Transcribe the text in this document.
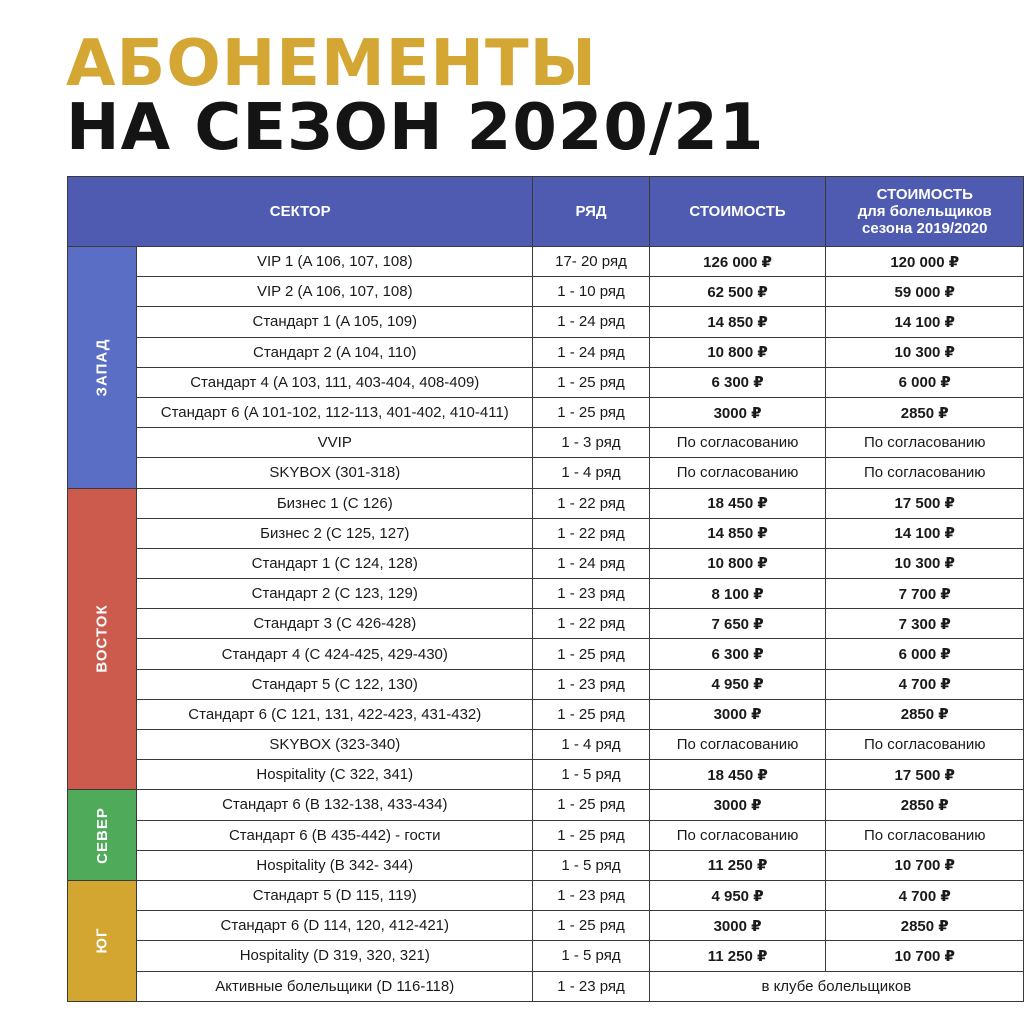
АБОНЕМЕНТЫ
НА СЕЗОН 2020/21
СЕКТОР		РЯД	СТОИМОСТЬ	СТОИМОСТЬ
для болельщиков
сезона 2019/2020

ЗАПАД	VIP 1 (A 106, 107, 108)	17- 20 ряд	126 000 ₽	120 000 ₽
	VIP 2 (A 106, 107, 108)	1 - 10 ряд	62 500 ₽	59 000 ₽
	Стандарт 1 (A 105, 109)	1 - 24 ряд	14 850 ₽	14 100 ₽
	Стандарт 2 (A 104, 110)	1 - 24 ряд	10 800 ₽	10 300 ₽
	Стандарт 4 (A 103, 111, 403-404, 408-409)	1 - 25 ряд	6 300 ₽	6 000 ₽
	Стандарт 6 (A 101-102, 112-113, 401-402, 410-411)	1 - 25 ряд	3000 ₽	2850 ₽
	VVIP	1 - 3 ряд	По согласованию	По согласованию
	SKYBOX (301-318)	1 - 4 ряд	По согласованию	По согласованию
ВОСТОК	Бизнес 1 (C 126)	1 - 22 ряд	18 450 ₽	17 500 ₽
	Бизнес 2 (C 125, 127)	1 - 22 ряд	14 850 ₽	14 100 ₽
	Стандарт 1 (C 124, 128)	1 - 24 ряд	10 800 ₽	10 300 ₽
	Стандарт 2 (C 123, 129)	1 - 23 ряд	8 100 ₽	7 700 ₽
	Стандарт 3 (C 426-428)	1 - 22 ряд	7 650 ₽	7 300 ₽
	Стандарт 4 (C 424-425, 429-430)	1 - 25 ряд	6 300 ₽	6 000 ₽
	Стандарт 5 (C 122, 130)	1 - 23 ряд	4 950 ₽	4 700 ₽
	Стандарт 6 (C 121, 131, 422-423, 431-432)	1 - 25 ряд	3000 ₽	2850 ₽
	SKYBOX (323-340)	1 - 4 ряд	По согласованию	По согласованию
	Hospitality (C 322, 341)	1 - 5 ряд	18 450 ₽	17 500 ₽
СЕВЕР	Стандарт 6 (B 132-138, 433-434)	1 - 25 ряд	3000 ₽	2850 ₽
	Стандарт 6 (B 435-442) - гости	1 - 25 ряд	По согласованию	По согласованию
	Hospitality (B 342- 344)	1 - 5 ряд	11 250 ₽	10 700 ₽
ЮГ	Стандарт 5 (D 115, 119)	1 - 23 ряд	4 950 ₽	4 700 ₽
	Стандарт 6 (D 114, 120, 412-421)	1 - 25 ряд	3000 ₽	2850 ₽
	Hospitality (D 319, 320, 321)	1 - 5 ряд	11 250 ₽	10 700 ₽
	Активные болельщики (D 116-118)	1 - 23 ряд	в клубе болельщиков	
